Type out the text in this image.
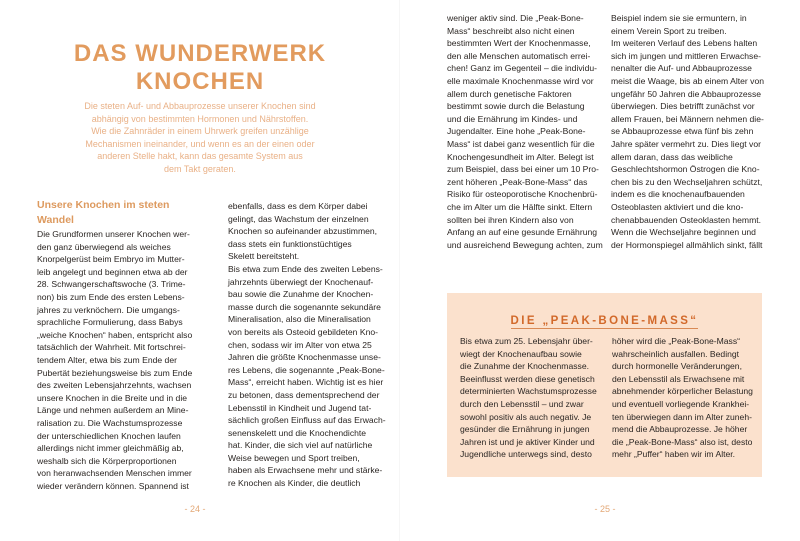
DAS WUNDERWERK
KNOCHEN
Die steten Auf- und Abbauprozesse unserer Knochen sind
abhängig von bestimmten Hormonen und Nährstoffen.
Wie die Zahnräder in einem Uhrwerk greifen unzählige
Mechanismen ineinander, und wenn es an der einen oder
anderen Stelle hakt, kann das gesamte System aus
dem Takt geraten.
Unsere Knochen im steten
Wandel
Die Grundformen unserer Knochen wer-
den ganz überwiegend als weiches
Knorpelgerüst beim Embryo im Mutter-
leib angelegt und beginnen etwa ab der
28. Schwangerschaftswoche (3. Trime-
non) bis zum Ende des ersten Lebens-
jahres zu verknöchern. Die umgangs-
sprachliche Formulierung, dass Babys
„weiche Knochen“ haben, entspricht also
tatsächlich der Wahrheit. Mit fortschrei-
tendem Alter, etwa bis zum Ende der
Pubertät beziehungsweise bis zum Ende
des zweiten Lebensjahrzehnts, wachsen
unsere Knochen in die Breite und in die
Länge und nehmen außerdem an Mine-
ralisation zu. Die Wachstumsprozesse
der unterschiedlichen Knochen laufen
allerdings nicht immer gleichmäßig ab,
weshalb sich die Körperproportionen
von heranwachsenden Menschen immer
wieder verändern können. Spannend ist
ebenfalls, dass es dem Körper dabei
gelingt, das Wachstum der einzelnen
Knochen so aufeinander abzustimmen,
dass stets ein funktionstüchtiges
Skelett bereitsteht.
Bis etwa zum Ende des zweiten Lebens-
jahrzehnts überwiegt der Knochenauf-
bau sowie die Zunahme der Knochen-
masse durch die sogenannte sekundäre
Mineralisation, also die Mineralisation
von bereits als Osteoid gebildeten Kno-
chen, sodass wir im Alter von etwa 25
Jahren die größte Knochenmasse unse-
res Lebens, die sogenannte „Peak-Bone-
Mass“, erreicht haben. Wichtig ist es hier
zu betonen, dass dementsprechend der
Lebensstil in Kindheit und Jugend tat-
sächlich großen Einfluss auf das Erwach-
senenskelett und die Knochendichte
hat. Kinder, die sich viel auf natürliche
Weise bewegen und Sport treiben,
haben als Erwachsene mehr und stärke-
re Knochen als Kinder, die deutlich
- 24 -
weniger aktiv sind. Die „Peak-Bone-
Mass“ beschreibt also nicht einen
bestimmten Wert der Knochenmasse,
den alle Menschen automatisch errei-
chen! Ganz im Gegenteil – die individu-
elle maximale Knochenmasse wird vor
allem durch genetische Faktoren
bestimmt sowie durch die Belastung
und die Ernährung im Kindes- und
Jugendalter. Eine hohe „Peak-Bone-
Mass“ ist dabei ganz wesentlich für die
Knochengesundheit im Alter. Belegt ist
zum Beispiel, dass bei einer um 10 Pro-
zent höheren „Peak-Bone-Mass“ das
Risiko für osteoporotische Knochenbrü-
che im Alter um die Hälfte sinkt. Eltern
sollten bei ihren Kindern also von
Anfang an auf eine gesunde Ernährung
und ausreichend Bewegung achten, zum
Beispiel indem sie sie ermuntern, in
einem Verein Sport zu treiben.
Im weiteren Verlauf des Lebens halten
sich im jungen und mittleren Erwachse-
nenalter die Auf- und Abbauprozesse
meist die Waage, bis ab einem Alter von
ungefähr 50 Jahren die Abbauprozesse
überwiegen. Dies betrifft zunächst vor
allem Frauen, bei Männern nehmen die-
se Abbauprozesse etwa fünf bis zehn
Jahre später vermehrt zu. Dies liegt vor
allem daran, dass das weibliche
Geschlechtshormon Östrogen die Kno-
chen bis zu den Wechseljahren schützt,
indem es die knochenaufbauenden
Osteoblasten aktiviert und die kno-
chenabbauenden Osteoklasten hemmt.
Wenn die Wechseljahre beginnen und
der Hormonspiegel allmählich sinkt, fällt
- 25 -
DIE „PEAK-BONE-MASS“
Bis etwa zum 25. Lebensjahr über-
wiegt der Knochenaufbau sowie
die Zunahme der Knochenmasse.
Beeinflusst werden diese genetisch
determinierten Wachstumsprozesse
durch den Lebensstil – und zwar
sowohl positiv als auch negativ. Je
gesünder die Ernährung in jungen
Jahren ist und je aktiver Kinder und
Jugendliche unterwegs sind, desto
höher wird die „Peak-Bone-Mass“
wahrscheinlich ausfallen. Bedingt
durch hormonelle Veränderungen,
den Lebensstil als Erwachsene mit
abnehmender körperlicher Belastung
und eventuell vorliegende Krankhei-
ten überwiegen dann im Alter zuneh-
mend die Abbauprozesse. Je höher
die „Peak-Bone-Mass“ also ist, desto
mehr „Puffer“ haben wir im Alter.
